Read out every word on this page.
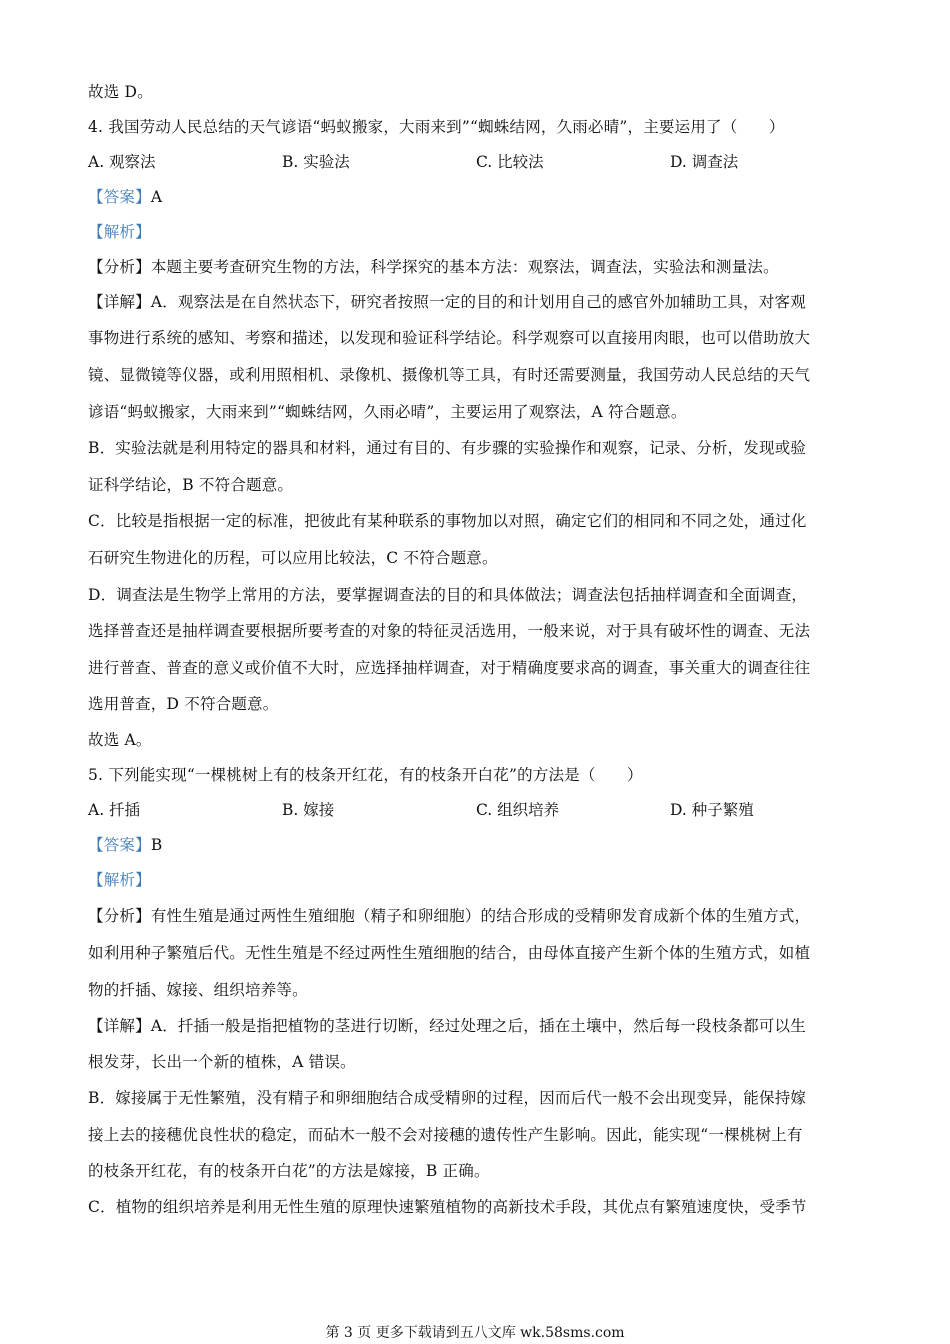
故选 D。
4. 我国劳动人民总结的天气谚语“蚂蚁搬家，大雨来到”“蜘蛛结网，久雨必晴”，主要运用了（　　）
A. 观察法	B. 实验法	C. 比较法	D. 调查法
【答案】A
【解析】
【分析】本题主要考查研究生物的方法，科学探究的基本方法：观察法，调查法，实验法和测量法。
【详解】A．观察法是在自然状态下，研究者按照一定的目的和计划用自己的感官外加辅助工具，对客观
事物进行系统的感知、考察和描述，以发现和验证科学结论。科学观察可以直接用肉眼，也可以借助放大
镜、显微镜等仪器，或利用照相机、录像机、摄像机等工具，有时还需要测量，我国劳动人民总结的天气
谚语“蚂蚁搬家，大雨来到”“蜘蛛结网，久雨必晴”，主要运用了观察法，A 符合题意。
B．实验法就是利用特定的器具和材料，通过有目的、有步骤的实验操作和观察，记录、分析，发现或验
证科学结论，B 不符合题意。
C．比较是指根据一定的标准，把彼此有某种联系的事物加以对照，确定它们的相同和不同之处，通过化
石研究生物进化的历程，可以应用比较法，C 不符合题意。
D．调查法是生物学上常用的方法，要掌握调查法的目的和具体做法；调查法包括抽样调查和全面调查，
选择普查还是抽样调查要根据所要考查的对象的特征灵活选用，一般来说，对于具有破坏性的调查、无法
进行普查、普查的意义或价值不大时，应选择抽样调查，对于精确度要求高的调查，事关重大的调查往往
选用普查，D 不符合题意。
故选 A。
5. 下列能实现“一棵桃树上有的枝条开红花，有的枝条开白花”的方法是（　　）
A. 扦插	B. 嫁接	C. 组织培养	D. 种子繁殖
【答案】B
【解析】
【分析】有性生殖是通过两性生殖细胞（精子和卵细胞）的结合形成的受精卵发育成新个体的生殖方式，
如利用种子繁殖后代。无性生殖是不经过两性生殖细胞的结合，由母体直接产生新个体的生殖方式，如植
物的扦插、嫁接、组织培养等。
【详解】A．扦插一般是指把植物的茎进行切断，经过处理之后，插在土壤中，然后每一段枝条都可以生
根发芽，长出一个新的植株，A 错误。
B．嫁接属于无性繁殖，没有精子和卵细胞结合成受精卵的过程，因而后代一般不会出现变异，能保持嫁
接上去的接穗优良性状的稳定，而砧木一般不会对接穗的遗传性产生影响。因此，能实现“一棵桃树上有
的枝条开红花，有的枝条开白花”的方法是嫁接，B 正确。
C．植物的组织培养是利用无性生殖的原理快速繁殖植物的高新技术手段，其优点有繁殖速度快，受季节
第 3 页 更多下载请到五八文库 wk.58sms.com
